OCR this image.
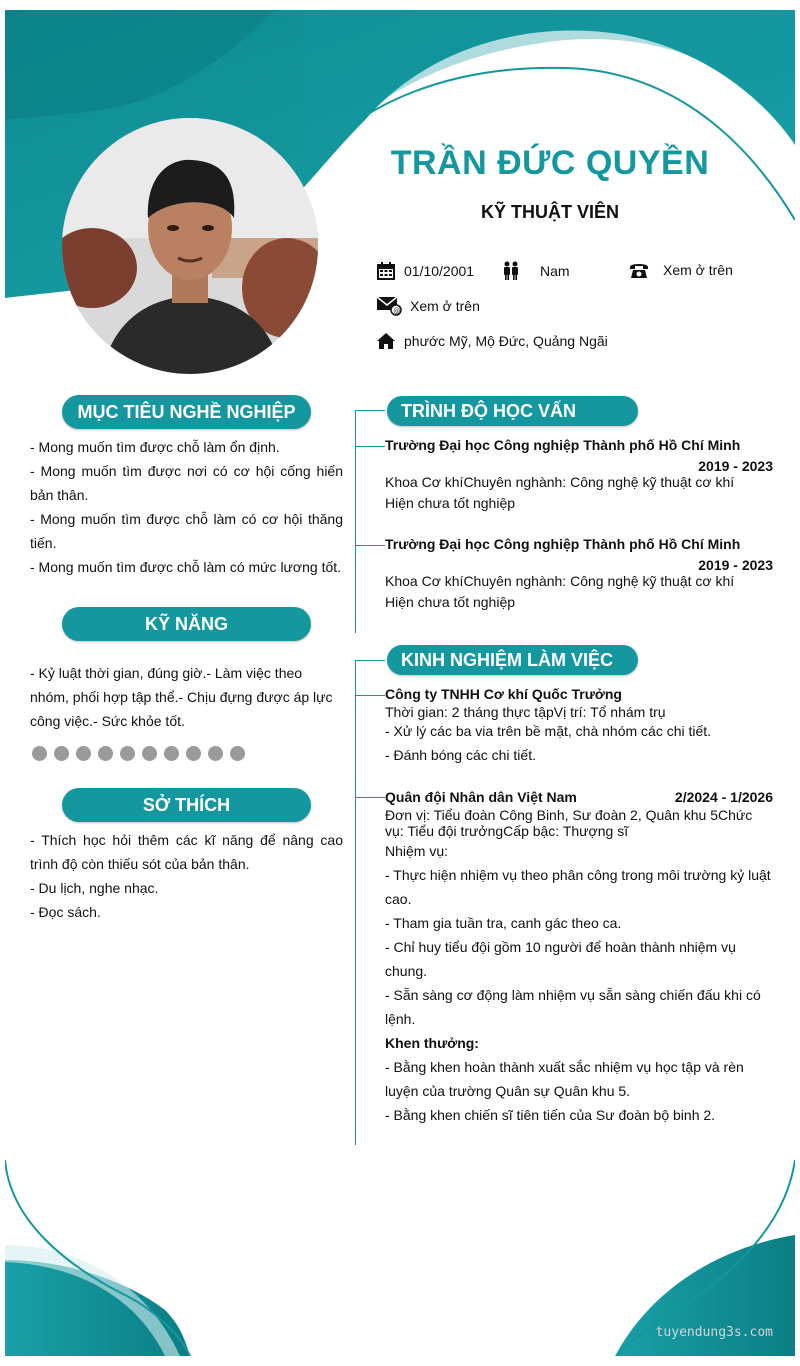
TRẦN ĐỨC QUYỀN
KỸ THUẬT VIÊN
01/10/2001	Nam	Xem ở trên
@ Xem ở trên
phước Mỹ, Mộ Đức, Quảng Ngãi
MỤC TIÊU NGHỀ NGHIỆP

- Mong muốn tìm được chỗ làm ổn định.

- Mong muốn tìm được nơi có cơ hội cống hiến bản thân.

- Mong muốn tìm được chỗ làm có cơ hội thăng tiến.

- Mong muốn tìm được chỗ làm có mức lương tốt.

KỸ NĂNG
- Kỷ luật thời gian, đúng giờ.- Làm việc theo nhóm, phối hợp tập thể.- Chịu đựng được áp lực công việc.- Sức khỏe tốt.
SỞ THÍCH

- Thích học hỏi thêm các kĩ năng để nâng cao trình độ còn thiếu sót của bản thân.

- Du lịch, nghe nhạc.

- Đọc sách.

TRÌNH ĐỘ HỌC VẤN
Trường Đại học Công nghiệp Thành phố Hồ Chí Minh
2019 - 2023
Khoa Cơ khíChuyên nghành: Công nghệ kỹ thuật cơ khí
Hiện chưa tốt nghiệp
Trường Đại học Công nghiệp Thành phố Hồ Chí Minh
2019 - 2023
Khoa Cơ khíChuyên nghành: Công nghệ kỹ thuật cơ khí
Hiện chưa tốt nghiệp
KINH NGHIỆM LÀM VIỆC
Công ty TNHH Cơ khí Quốc Trưởng
Thời gian: 2 tháng thực tậpVị trí: Tổ nhám trụ
- Xử lý các ba via trên bề mặt, chà nhóm các chi tiết.
- Đánh bóng các chi tiết.
Quân đội Nhân dân Việt Nam	2/2024 - 1/2026
Đơn vị: Tiểu đoàn Công Binh, Sư đoàn 2, Quân khu 5Chức vụ: Tiểu đội trưởngCấp bậc: Thượng sĩ
Nhiệm vụ:
- Thực hiện nhiệm vụ theo phân công trong môi trường kỷ luật cao.
- Tham gia tuần tra, canh gác theo ca.
- Chỉ huy tiểu đội gồm 10 người để hoàn thành nhiệm vụ chung.
- Sẵn sàng cơ động làm nhiệm vụ sẵn sàng chiến đấu khi có lệnh.
Khen thưởng:
- Bằng khen hoàn thành xuất sắc nhiệm vụ học tập và rèn luyện của trường Quân sự Quân khu 5.
- Bằng khen chiến sĩ tiên tiến của Sư đoàn bộ binh 2.
tuyendung3s.com
